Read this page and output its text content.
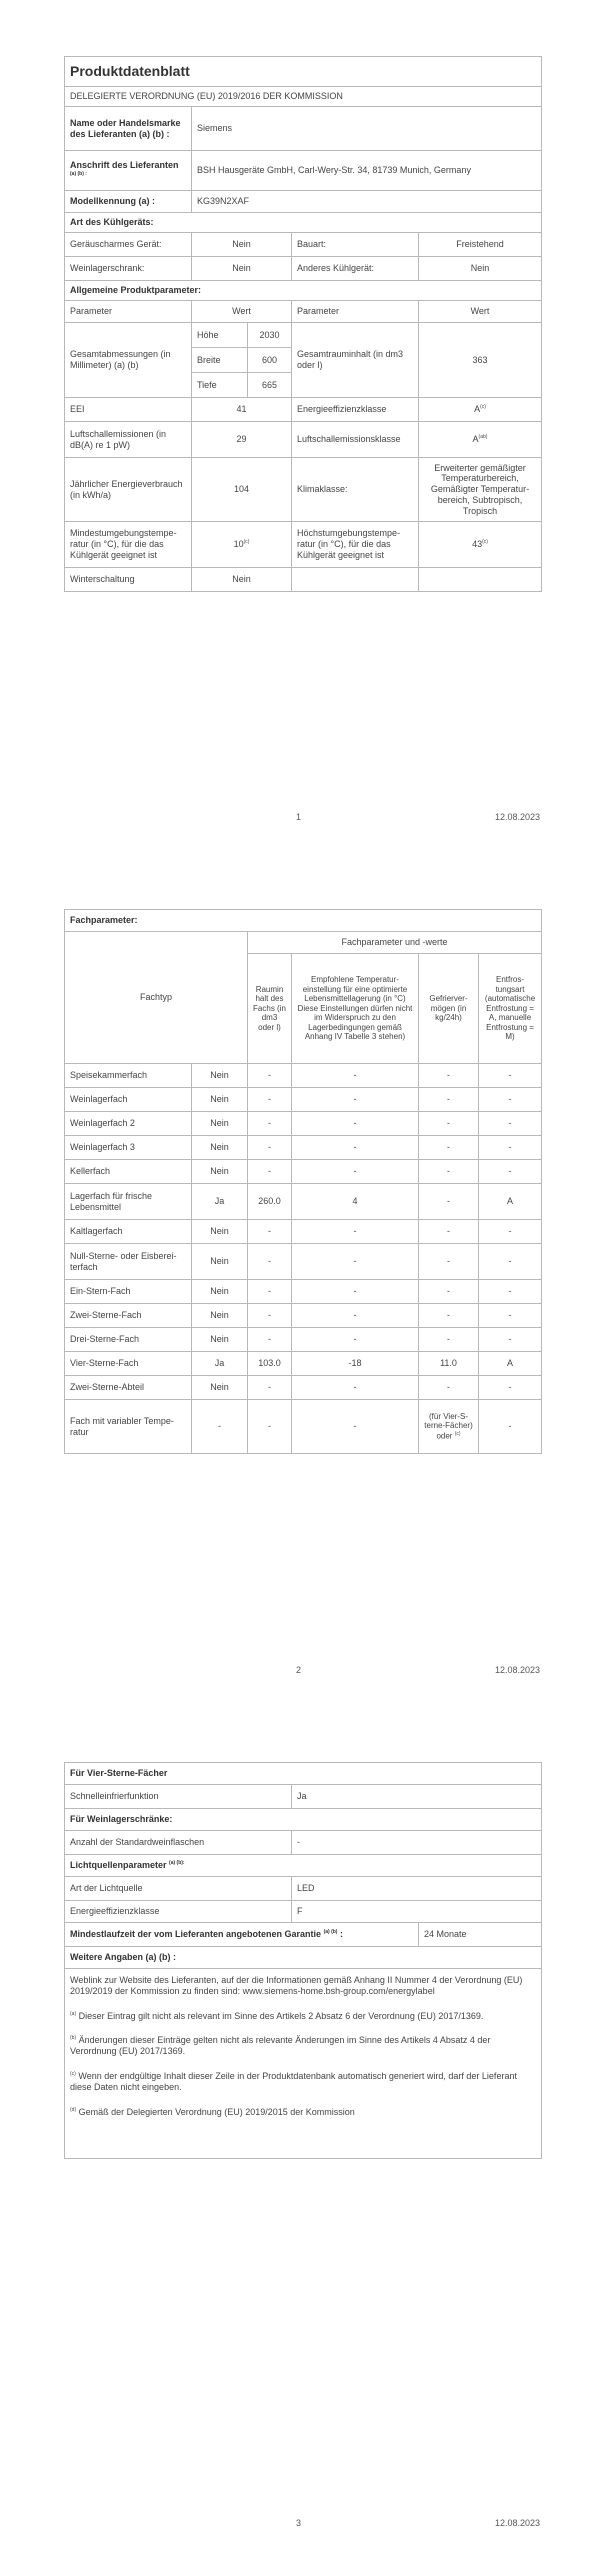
Produktdatenblatt				
DELEGIERTE VERORDNUNG (EU) 2019/2016 DER KOMMISSION				
Name oder Handelsmarke des Lieferanten (a) (b) :	Siemens			
Anschrift des Lieferanten $^{(a) (b) :}$	BSH Hausgeräte GmbH, Carl-Wery-Str. 34, 81739 Munich, Germany			
Modellkennung (a) :	KG39N2XAF			
Art des Kühlgeräts:				
Geräuscharmes Gerät:	Nein		Bauart:	Freistehend
Weinlagerschrank:	Nein		Anderes Kühlgerät:	Nein
Allgemeine Produktparameter:				
Parameter	Wert		Parameter	Wert
Gesamtabmessungen (in Millimeter) (a) (b)	Höhe	2030	Gesamtrauminhalt (in dm3 oder l)	363
	Breite	600		
	Tiefe	665		
EEI	41		Energieeffizienzklasse	$A^{(c)}$
Luftschallemissionen (in dB(A) re 1 pW)	29		Luftschallemissionsklasse	$A^{(ab)}$
Jährlicher Energieverbrauch (in kWh/a)	104		Klimaklasse:	Erweiterter gemäßigter Temperaturbereich, Gemäßigter Temperaturbereich, Subtropisch, Tropisch
Mindestumgebungstemperatur (in °C), für die das Kühlgerät geeignet ist	10$^{(c)}$		Höchstumgebungstemperatur (in °C), für die das Kühlgerät geeignet ist	43$^{(c)}$
Winterschaltung	Nein			
1	12.08.2023
Fachparameter:					
Fachtyp		Fachparameter und -werte			
		Raumin halt des Fachs (in dm3 oder l)	Empfohlene Temperatur-einstellung für eine optimierte Lebensmittellagerung (in °C) Diese Einstellungen dürfen nicht im Widerspruch zu den Lagerbedingungen gemäß Anhang IV Tabelle 3 stehen)	Gefriervermögen (in kg/24h)	Entfrostungsart (automatische Entfrostung = A, manuelle Entfrostung = M)
Speisekammerfach	Nein	-	-	-	-
Weinlagerfach	Nein	-	-	-	-
Weinlagerfach 2	Nein	-	-	-	-
Weinlagerfach 3	Nein	-	-	-	-
Kellerfach	Nein	-	-	-	-
Lagerfach für frische Lebensmittel	Ja	260.0	4	-	A
Kaltlagerfach	Nein	-	-	-	-
Null-Sterne- oder Eisbereiterfach	Nein	-	-	-	-
Ein-Stern-Fach	Nein	-	-	-	-
Zwei-Sterne-Fach	Nein	-	-	-	-
Drei-Sterne-Fach	Nein	-	-	-	-
Vier-Sterne-Fach	Ja	103.0	-18	11.0	A
Zwei-Sterne-Abteil	Nein	-	-	-	-
Fach mit variabler Temperatur	-	-	-	(für Vier-Sterne-Fächer) oder $^{(c)}$	-
2	12.08.2023
Für Vier-Sterne-Fächer		
Schnelleinfrierfunktion	Ja	
Für Weinlagerschränke:		
Anzahl der Standardweinflaschen	-	
Lichtquellenparameter $^{(a) (b):}$
Art der Lichtquelle	LED	
Energieeffizienzklasse	F	
Mindestlaufzeit der vom Lieferanten angebotenen Garantie $^{(a) (b)}$ :		24 Monate
Weitere Angaben (a) (b) :		

Weblink zur Website des Lieferanten, auf der die Informationen gemäß Anhang II Nummer 4 der Verordnung (EU) 2019/2019 der Kommission zu finden sind: www.siemens-home.bsh-group.com/energylabel
$^{(a)}$ Dieser Eintrag gilt nicht als relevant im Sinne des Artikels 2 Absatz 6 der Verordnung (EU) 2017/1369.
$^{(b)}$ Änderungen dieser Einträge gelten nicht als relevante Änderungen im Sinne des Artikels 4 Absatz 4 der Verordnung (EU) 2017/1369.
$^{(c)}$ Wenn der endgültige Inhalt dieser Zeile in der Produktdatenbank automatisch generiert wird, darf der Lieferant diese Daten nicht eingeben.
$^{(d)}$ Gemäß der Delegierten Verordnung (EU) 2019/2015 der Kommission		
3	12.08.2023
